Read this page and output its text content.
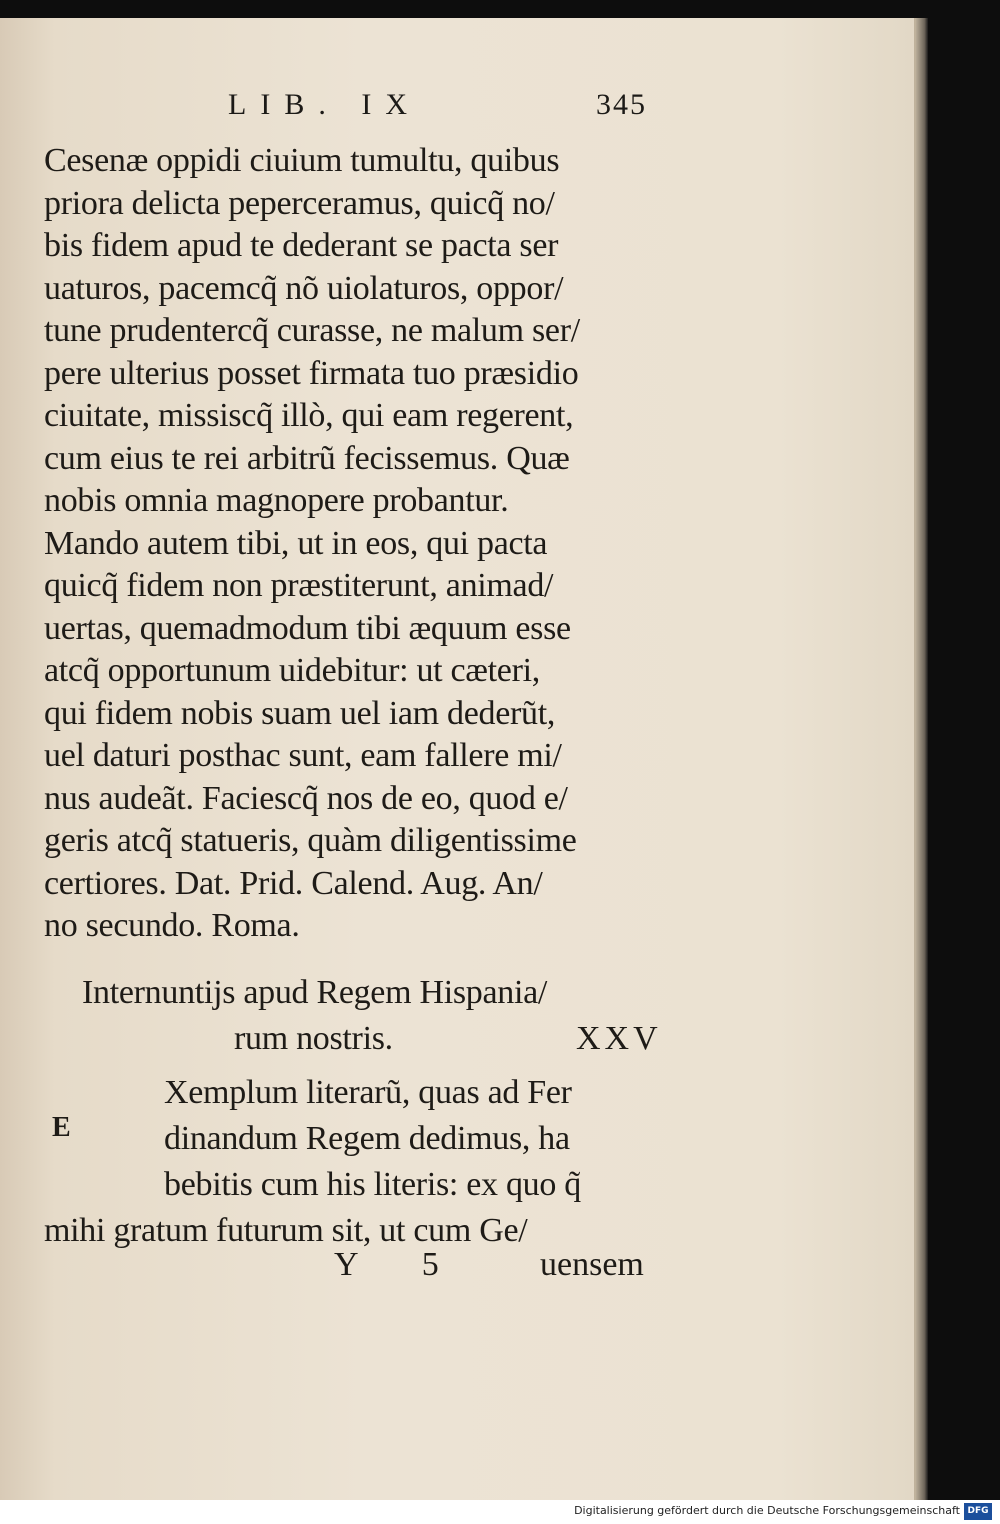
LIB. IX	345
Cesenæ oppidi ciuium tumultu, quibus
priora delicta peperceramus, quicq̃ no/
bis fidem apud te dederant se pacta ser
uaturos, pacemcq̃ nõ uiolaturos, oppor/
tune prudentercq̃ curasse, ne malum ser/
pere ulterius posset firmata tuo præsidio
ciuitate, missiscq̃ illò, qui eam regerent,
cum eius te rei arbitrũ fecissemus. Quæ
nobis omnia magnopere probantur.
Mando autem tibi, ut in eos, qui pacta
quicq̃ fidem non præstiterunt, animad/
uertas, quemadmodum tibi æquum esse
atcq̃ opportunum uidebitur: ut cæteri,
qui fidem nobis suam uel iam dederũt,
uel daturi posthac sunt, eam fallere mi/
nus audeãt. Faciescq̃ nos de eo, quod e/
geris atcq̃ statueris, quàm diligentissime
certiores. Dat. Prid. Calend. Aug. An/
no secundo. Roma.
Internuntijs apud Regem Hispania/
rum nostris.	XXV
E
Xemplum literarũ, quas ad Fer
dinandum Regem dedimus, ha
bebitis cum his literis: ex quo q̃
mihi gratum futurum sit, ut cum Ge/
Y 5 uensem
Digitalisierung gefördert durch die Deutsche Forschungsgemeinschaft DFG
